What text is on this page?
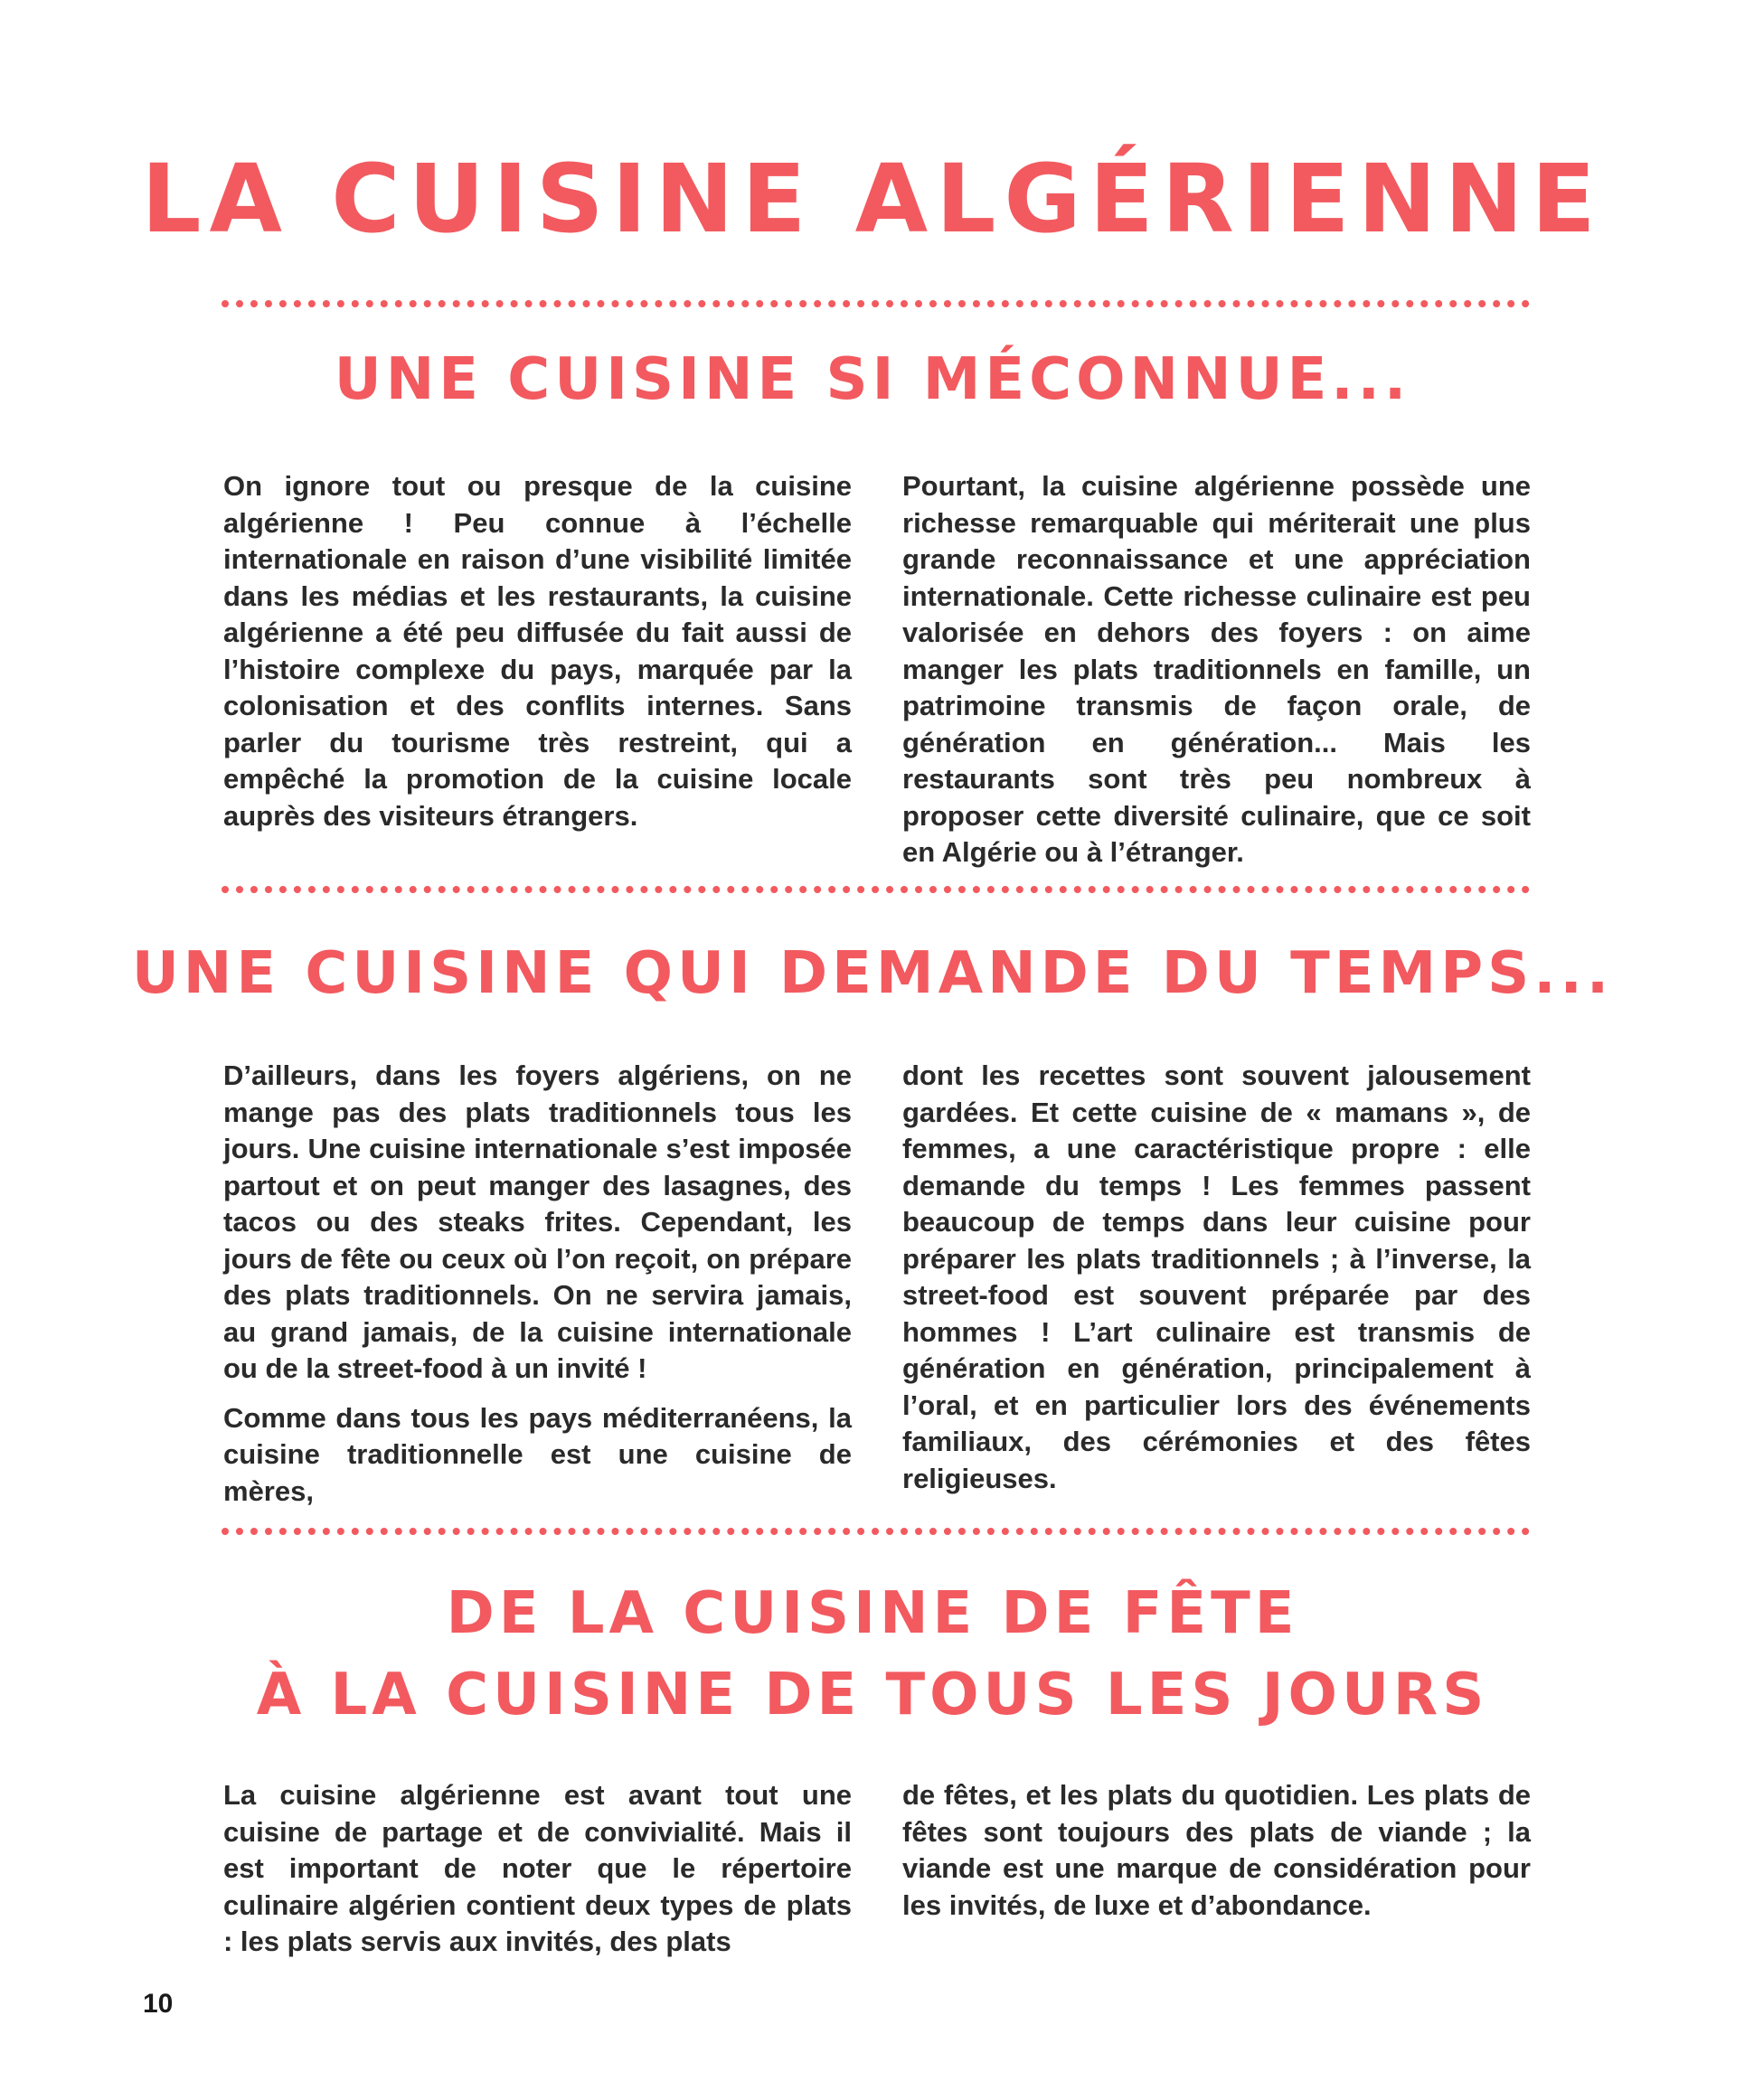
LA CUISINE ALGÉRIENNE
UNE CUISINE SI MÉCONNUE...

On ignore tout ou presque de la cuisine algérienne ! Peu connue à l’échelle internationale en raison d’une visibilité limitée dans les médias et les restaurants, la cuisine algérienne a été peu diffusée du fait aussi de l’histoire complexe du pays, marquée par la colonisation et des conflits internes. Sans parler du tourisme très restreint, qui a empêché la promotion de la cuisine locale auprès des visiteurs étrangers.

Pourtant, la cuisine algérienne possède une richesse remarquable qui mériterait une plus grande reconnaissance et une appréciation internationale. Cette richesse culinaire est peu valorisée en dehors des foyers : on aime manger les plats traditionnels en famille, un patrimoine transmis de façon orale, de génération en génération... Mais les restaurants sont très peu nombreux à proposer cette diversité culinaire, que ce soit en Algérie ou à l’étranger.

UNE CUISINE QUI DEMANDE DU TEMPS...

D’ailleurs, dans les foyers algériens, on ne mange pas des plats traditionnels tous les jours. Une cuisine internationale s’est imposée partout et on peut manger des lasagnes, des tacos ou des steaks frites. Cependant, les jours de fête ou ceux où l’on reçoit, on prépare des plats traditionnels. On ne servira jamais, au grand jamais, de la cuisine internationale ou de la street-food à un invité !

Comme dans tous les pays méditerranéens, la cuisine traditionnelle est une cuisine de mères,

dont les recettes sont souvent jalousement gardées. Et cette cuisine de « mamans », de femmes, a une caractéristique propre : elle demande du temps ! Les femmes passent beaucoup de temps dans leur cuisine pour préparer les plats traditionnels ; à l’inverse, la street-food est souvent préparée par des hommes ! L’art culinaire est transmis de génération en génération, principalement à l’oral, et en particulier lors des événements familiaux, des cérémonies et des fêtes religieuses.

DE LA CUISINE DE FÊTE
À LA CUISINE DE TOUS LES JOURS

La cuisine algérienne est avant tout une cuisine de partage et de convivialité. Mais il est important de noter que le répertoire culinaire algérien contient deux types de plats : les plats servis aux invités, des plats

de fêtes, et les plats du quotidien. Les plats de fêtes sont toujours des plats de viande ; la viande est une marque de considération pour les invités, de luxe et d’abondance.

10
